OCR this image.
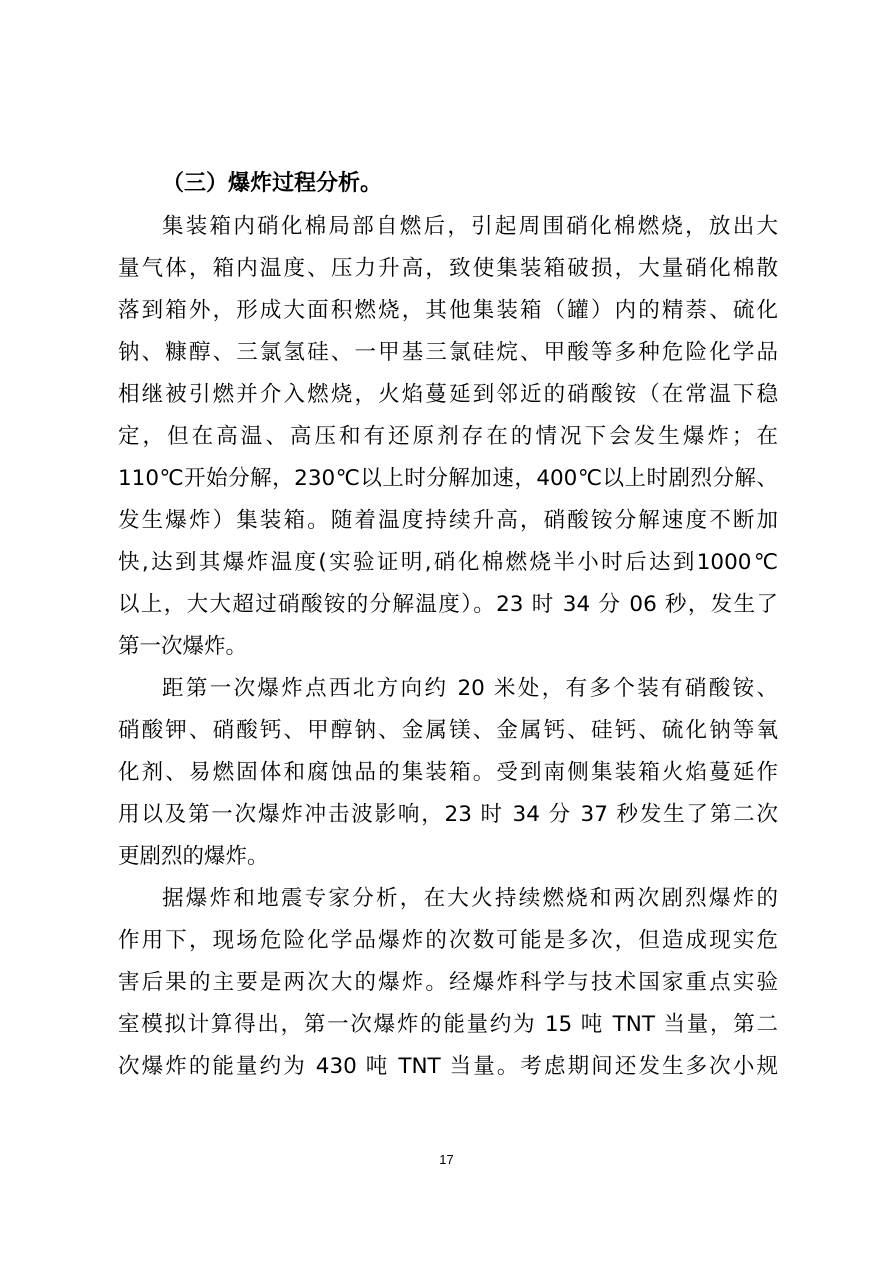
（三）爆炸过程分析。

集装箱内硝化棉局部自燃后，引起周围硝化棉燃烧，放出大

量气体，箱内温度、压力升高，致使集装箱破损，大量硝化棉散

落到箱外，形成大面积燃烧，其他集装箱（罐）内的精萘、硫化

钠、糠醇、三氯氢硅、一甲基三氯硅烷、甲酸等多种危险化学品

相继被引燃并介入燃烧，火焰蔓延到邻近的硝酸铵（在常温下稳

定，但在高温、高压和有还原剂存在的情况下会发生爆炸；在

110℃开始分解，230℃以上时分解加速，400℃以上时剧烈分解、

发生爆炸）集装箱。随着温度持续升高，硝酸铵分解速度不断加

快,达到其爆炸温度(实验证明,硝化棉燃烧半小时后达到1000℃

以上，大大超过硝酸铵的分解温度）。23 时 34 分 06 秒，发生了

第一次爆炸。

距第一次爆炸点西北方向约 20 米处，有多个装有硝酸铵、

硝酸钾、硝酸钙、甲醇钠、金属镁、金属钙、硅钙、硫化钠等氧

化剂、易燃固体和腐蚀品的集装箱。受到南侧集装箱火焰蔓延作

用以及第一次爆炸冲击波影响，23 时 34 分 37 秒发生了第二次

更剧烈的爆炸。

据爆炸和地震专家分析，在大火持续燃烧和两次剧烈爆炸的

作用下，现场危险化学品爆炸的次数可能是多次，但造成现实危

害后果的主要是两次大的爆炸。经爆炸科学与技术国家重点实验

室模拟计算得出，第一次爆炸的能量约为 15 吨 TNT 当量，第二

次爆炸的能量约为 430 吨 TNT 当量。考虑期间还发生多次小规

17
